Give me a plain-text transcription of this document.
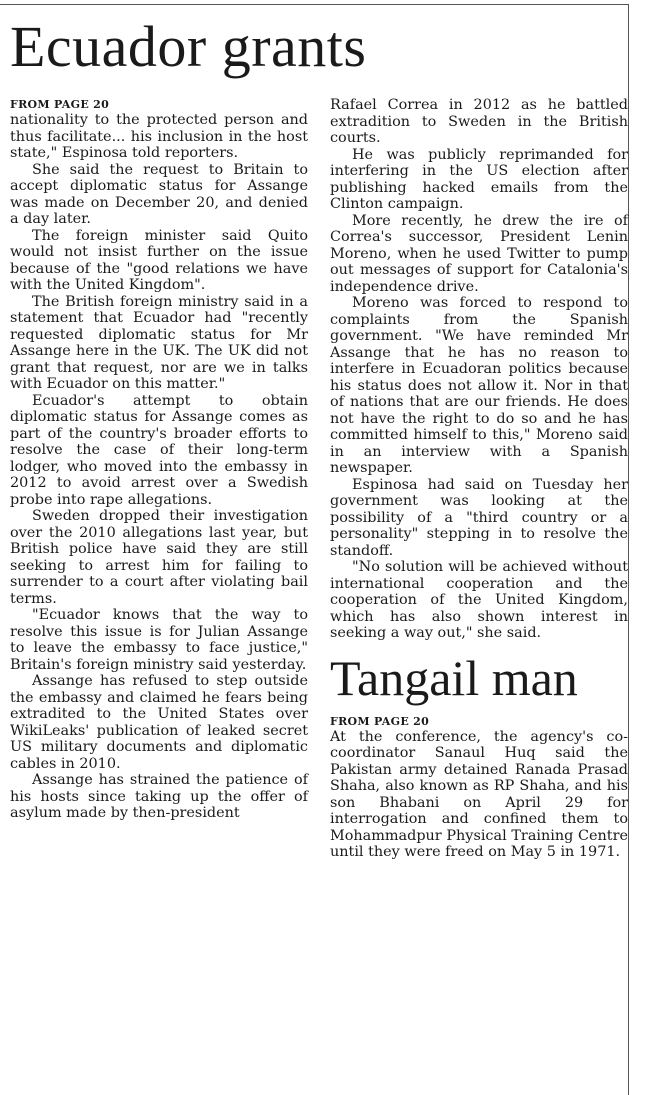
Ecuador grants
FROM PAGE 20

nationality to the protected person and thus facilitate... his inclusion in the host state," Espinosa told reporters.

She said the request to Britain to accept diplomatic status for Assange was made on December 20, and denied a day later.

The foreign minister said Quito would not insist further on the issue because of the "good relations we have with the United Kingdom".

The British foreign ministry said in a statement that Ecuador had "recently requested diplomatic status for Mr Assange here in the UK. The UK did not grant that request, nor are we in talks with Ecuador on this matter."

Ecuador's attempt to obtain diplomatic status for Assange comes as part of the country's broader efforts to resolve the case of their long-term lodger, who moved into the embassy in 2012 to avoid arrest over a Swedish probe into rape allegations.

Sweden dropped their investigation over the 2010 allegations last year, but British police have said they are still seeking to arrest him for failing to surrender to a court after violating bail terms.

"Ecuador knows that the way to resolve this issue is for Julian Assange to leave the embassy to face justice," Britain's foreign ministry said yesterday.

Assange has refused to step outside the embassy and claimed he fears being extradited to the United States over WikiLeaks' publication of leaked secret US military documents and diplomatic cables in 2010.

Assange has strained the patience of his hosts since taking up the offer of asylum made by then-president

Rafael Correa in 2012 as he battled extradition to Sweden in the British courts.

He was publicly reprimanded for interfering in the US election after publishing hacked emails from the Clinton campaign.

More recently, he drew the ire of Correa's successor, President Lenin Moreno, when he used Twitter to pump out messages of support for Catalonia's independence drive.

Moreno was forced to respond to complaints from the Spanish government. "We have reminded Mr Assange that he has no reason to interfere in Ecuadoran politics because his status does not allow it. Nor in that of nations that are our friends. He does not have the right to do so and he has committed himself to this," Moreno said in an interview with a Spanish newspaper.

Espinosa had said on Tuesday her government was looking at the possibility of a "third country or a personality" stepping in to resolve the standoff.

"No solution will be achieved without international cooperation and the cooperation of the United Kingdom, which has also shown interest in seeking a way out," she said.

Tangail man
FROM PAGE 20

At the conference, the agency's co-coordinator Sanaul Huq said the Pakistan army detained Ranada Prasad Shaha, also known as RP Shaha, and his son Bhabani on April 29 for interrogation and confined them to Mohammadpur Physical Training Centre until they were freed on May 5 in 1971.
